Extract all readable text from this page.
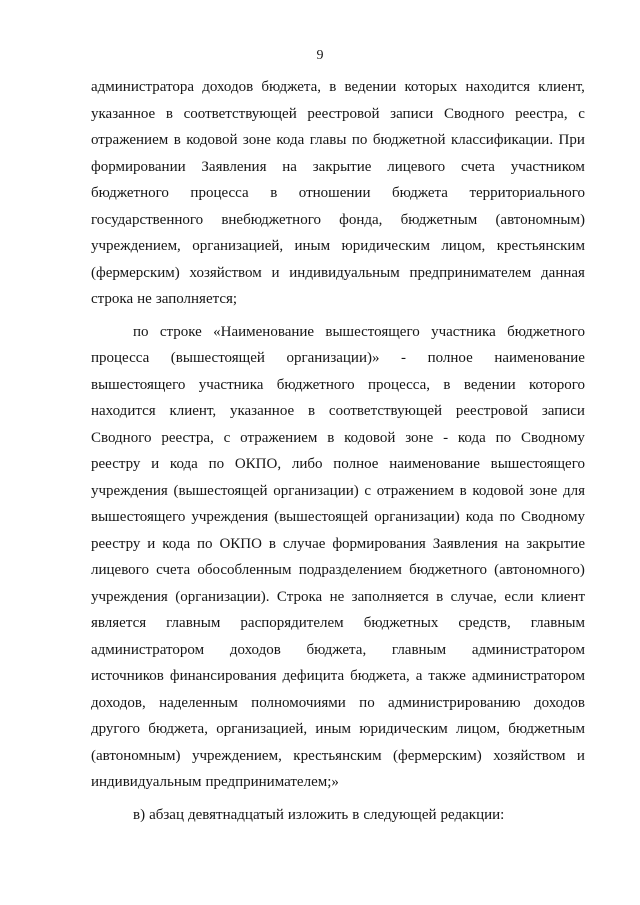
9
администратора доходов бюджета, в ведении которых находится клиент,
указанное в соответствующей реестровой записи Сводного реестра, с
отражением в кодовой зоне кода главы по бюджетной классификации. При
формировании Заявления на закрытие лицевого счета участником
бюджетного процесса в отношении бюджета территориального
государственного внебюджетного фонда, бюджетным (автономным)
учреждением, организацией, иным юридическим лицом, крестьянским
(фермерским) хозяйством и индивидуальным предпринимателем данная
строка не заполняется;
по строке «Наименование вышестоящего участника бюджетного
процесса (вышестоящей организации)» - полное наименование
вышестоящего участника бюджетного процесса, в ведении которого
находится клиент, указанное в соответствующей реестровой записи
Сводного реестра, с отражением в кодовой зоне - кода по Сводному
реестру и кода по ОКПО, либо полное наименование вышестоящего
учреждения (вышестоящей организации) с отражением в кодовой зоне для
вышестоящего учреждения (вышестоящей организации) кода по Сводному
реестру и кода по ОКПО в случае формирования Заявления на закрытие
лицевого счета обособленным подразделением бюджетного (автономного)
учреждения (организации). Строка не заполняется в случае, если клиент
является главным распорядителем бюджетных средств, главным
администратором доходов бюджета, главным администратором
источников финансирования дефицита бюджета, а также администратором
доходов, наделенным полномочиями по администрированию доходов
другого бюджета, организацией, иным юридическим лицом, бюджетным
(автономным) учреждением, крестьянским (фермерским) хозяйством и
индивидуальным предпринимателем;»
в) абзац девятнадцатый изложить в следующей редакции:
